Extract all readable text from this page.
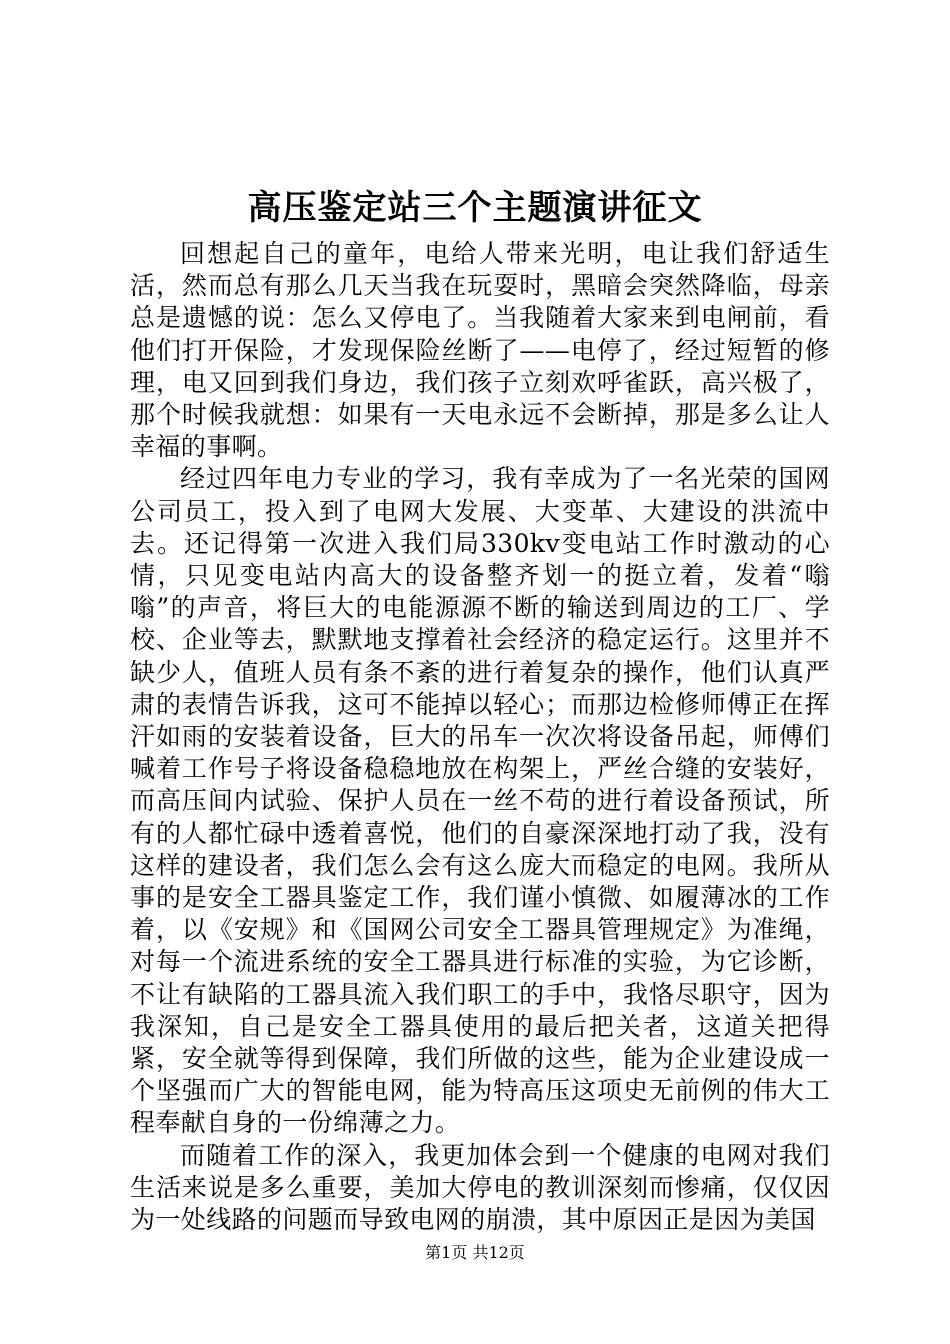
高压鉴定站三个主题演讲征文

回想起自己的童年，电给人带来光明，电让我们舒适生活，然而总有那么几天当我在玩耍时，黑暗会突然降临，母亲总是遗憾的说：怎么又停电了。当我随着大家来到电闸前，看他们打开保险，才发现保险丝断了——电停了，经过短暂的修理，电又回到我们身边，我们孩子立刻欢呼雀跃，高兴极了，那个时候我就想：如果有一天电永远不会断掉，那是多么让人幸福的事啊。

经过四年电力专业的学习，我有幸成为了一名光荣的国网公司员工，投入到了电网大发展、大变革、大建设的洪流中去。还记得第一次进入我们局330kv变电站工作时激动的心情，只见变电站内高大的设备整齐划一的挺立着，发着“嗡嗡”的声音，将巨大的电能源源不断的输送到周边的工厂、学校、企业等去，默默地支撑着社会经济的稳定运行。这里并不缺少人，值班人员有条不紊的进行着复杂的操作，他们认真严肃的表情告诉我，这可不能掉以轻心；而那边检修师傅正在挥汗如雨的安装着设备，巨大的吊车一次次将设备吊起，师傅们喊着工作号子将设备稳稳地放在构架上，严丝合缝的安装好，而高压间内试验、保护人员在一丝不苟的进行着设备预试，所有的人都忙碌中透着喜悦，他们的自豪深深地打动了我，没有这样的建设者，我们怎么会有这么庞大而稳定的电网。我所从事的是安全工器具鉴定工作，我们谨小慎微、如履薄冰的工作着，以《安规》和《国网公司安全工器具管理规定》为准绳，对每一个流进系统的安全工器具进行标准的实验，为它诊断，不让有缺陷的工器具流入我们职工的手中，我恪尽职守，因为我深知，自己是安全工器具使用的最后把关者，这道关把得紧，安全就等得到保障，我们所做的这些，能为企业建设成一个坚强而广大的智能电网，能为特高压这项史无前例的伟大工程奉献自身的一份绵薄之力。

而随着工作的深入，我更加体会到一个健康的电网对我们生活来说是多么重要，美加大停电的教训深刻而惨痛，仅仅因为一处线路的问题而导致电网的崩溃，其中原因正是因为美国

第1页 共12页
